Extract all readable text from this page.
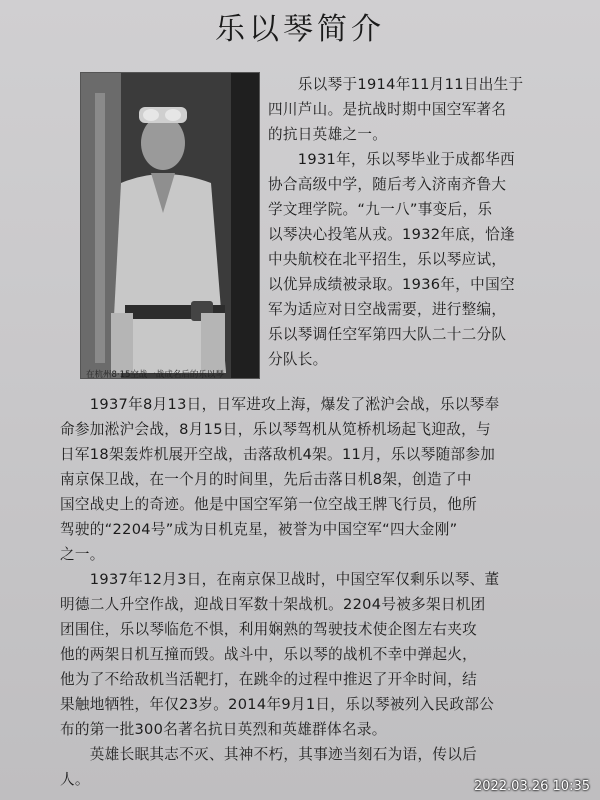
乐以琴简介
在杭州8·15空战一战成名后的乐以琴
　　乐以琴于1914年11月11日出生于
四川芦山。是抗战时期中国空军著名
的抗日英雄之一。
　　1931年，乐以琴毕业于成都华西
协合高级中学，随后考入济南齐鲁大
学文理学院。“九一八”事变后，乐
以琴决心投笔从戎。1932年底，恰逢
中央航校在北平招生，乐以琴应试，
以优异成绩被录取。1936年，中国空
军为适应对日空战需要，进行整编，
乐以琴调任空军第四大队二十二分队
分队长。
　　1937年8月13日，日军进攻上海，爆发了淞沪会战，乐以琴奉
命参加淞沪会战，8月15日，乐以琴驾机从笕桥机场起飞迎敌，与
日军18架轰炸机展开空战，击落敌机4架。11月，乐以琴随部参加
南京保卫战，在一个月的时间里，先后击落日机8架，创造了中
国空战史上的奇迹。他是中国空军第一位空战王牌飞行员，他所
驾驶的“2204号”成为日机克星，被誉为中国空军“四大金刚”
之一。
　　1937年12月3日，在南京保卫战时，中国空军仅剩乐以琴、董
明德二人升空作战，迎战日军数十架战机。2204号被多架日机团
团围住，乐以琴临危不惧，利用娴熟的驾驶技术使企图左右夹攻
他的两架日机互撞而毁。战斗中，乐以琴的战机不幸中弹起火，
他为了不给敌机当活靶打，在跳伞的过程中推迟了开伞时间，结
果触地牺牲，年仅23岁。2014年9月1日，乐以琴被列入民政部公
布的第一批300名著名抗日英烈和英雄群体名录。
　　英雄长眠其志不灭、其神不朽，其事迹当刻石为语，传以后
人。	2022.03.26 10:35
